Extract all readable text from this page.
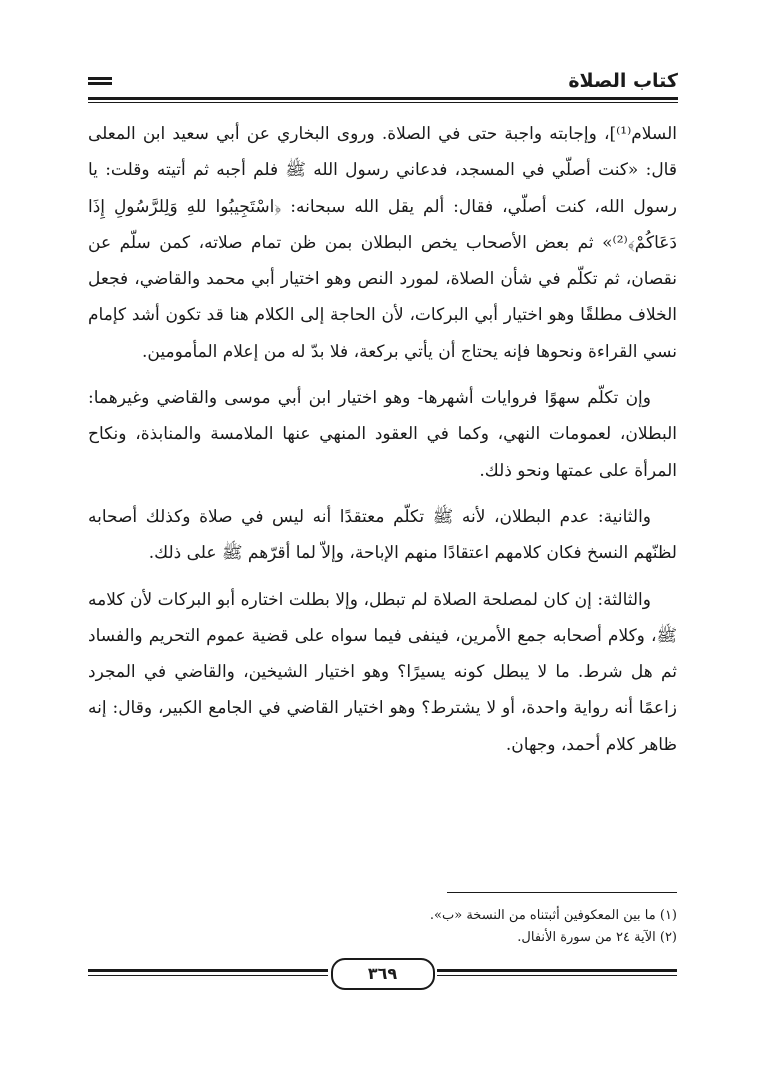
كتاب الصلاة

السلام⁽¹⁾]، وإجابته واجبة حتى في الصلاة. وروى البخاري عن أبي سعيد ابن المعلى قال: «كنت أصلّي في المسجد، فدعاني رسول الله ﷺ فلم أجبه ثم أتيته وقلت: يا رسول الله، كنت أصلّي، فقال: ألم يقل الله سبحانه: ﴿اسْتَجِيبُوا للهِ وَلِلرَّسُولِ إِذَا دَعَاكُمْ﴾⁽²⁾» ثم بعض الأصحاب يخص البطلان بمن ظن تمام صلاته، كمن سلّم عن نقصان، ثم تكلّم في شأن الصلاة، لمورد النص وهو اختيار أبي محمد والقاضي، فجعل الخلاف مطلقًا وهو اختيار أبي البركات، لأن الحاجة إلى الكلام هنا قد تكون أشد كإمام نسي القراءة ونحوها فإنه يحتاج أن يأتي بركعة، فلا بدّ له من إعلام المأمومين.

وإن تكلّم سهوًا فروايات أشهرها- وهو اختيار ابن أبي موسى والقاضي وغيرهما: البطلان، لعمومات النهي، وكما في العقود المنهي عنها الملامسة والمنابذة، ونكاح المرأة على عمتها ونحو ذلك.

والثانية: عدم البطلان، لأنه ﷺ تكلّم معتقدًا أنه ليس في صلاة وكذلك أصحابه لظنّهم النسخ فكان كلامهم اعتقادًا منهم الإباحة، وإلاّ لما أقرّهم ﷺ على ذلك.

والثالثة: إن كان لمصلحة الصلاة لم تبطل، وإلا بطلت اختاره أبو البركات لأن كلامه ﷺ، وكلام أصحابه جمع الأمرين، فينفى فيما سواه على قضية عموم التحريم والفساد ثم هل شرط. ما لا يبطل كونه يسيرًا؟ وهو اختيار الشيخين، والقاضي في المجرد زاعمًا أنه رواية واحدة، أو لا يشترط؟ وهو اختيار القاضي في الجامع الكبير، وقال: إنه ظاهر كلام أحمد، وجهان.

(١) ما بين المعكوفين أثبتناه من النسخة «ب».

(٢) الآية ٢٤ من سورة الأنفال.

٣٦٩
